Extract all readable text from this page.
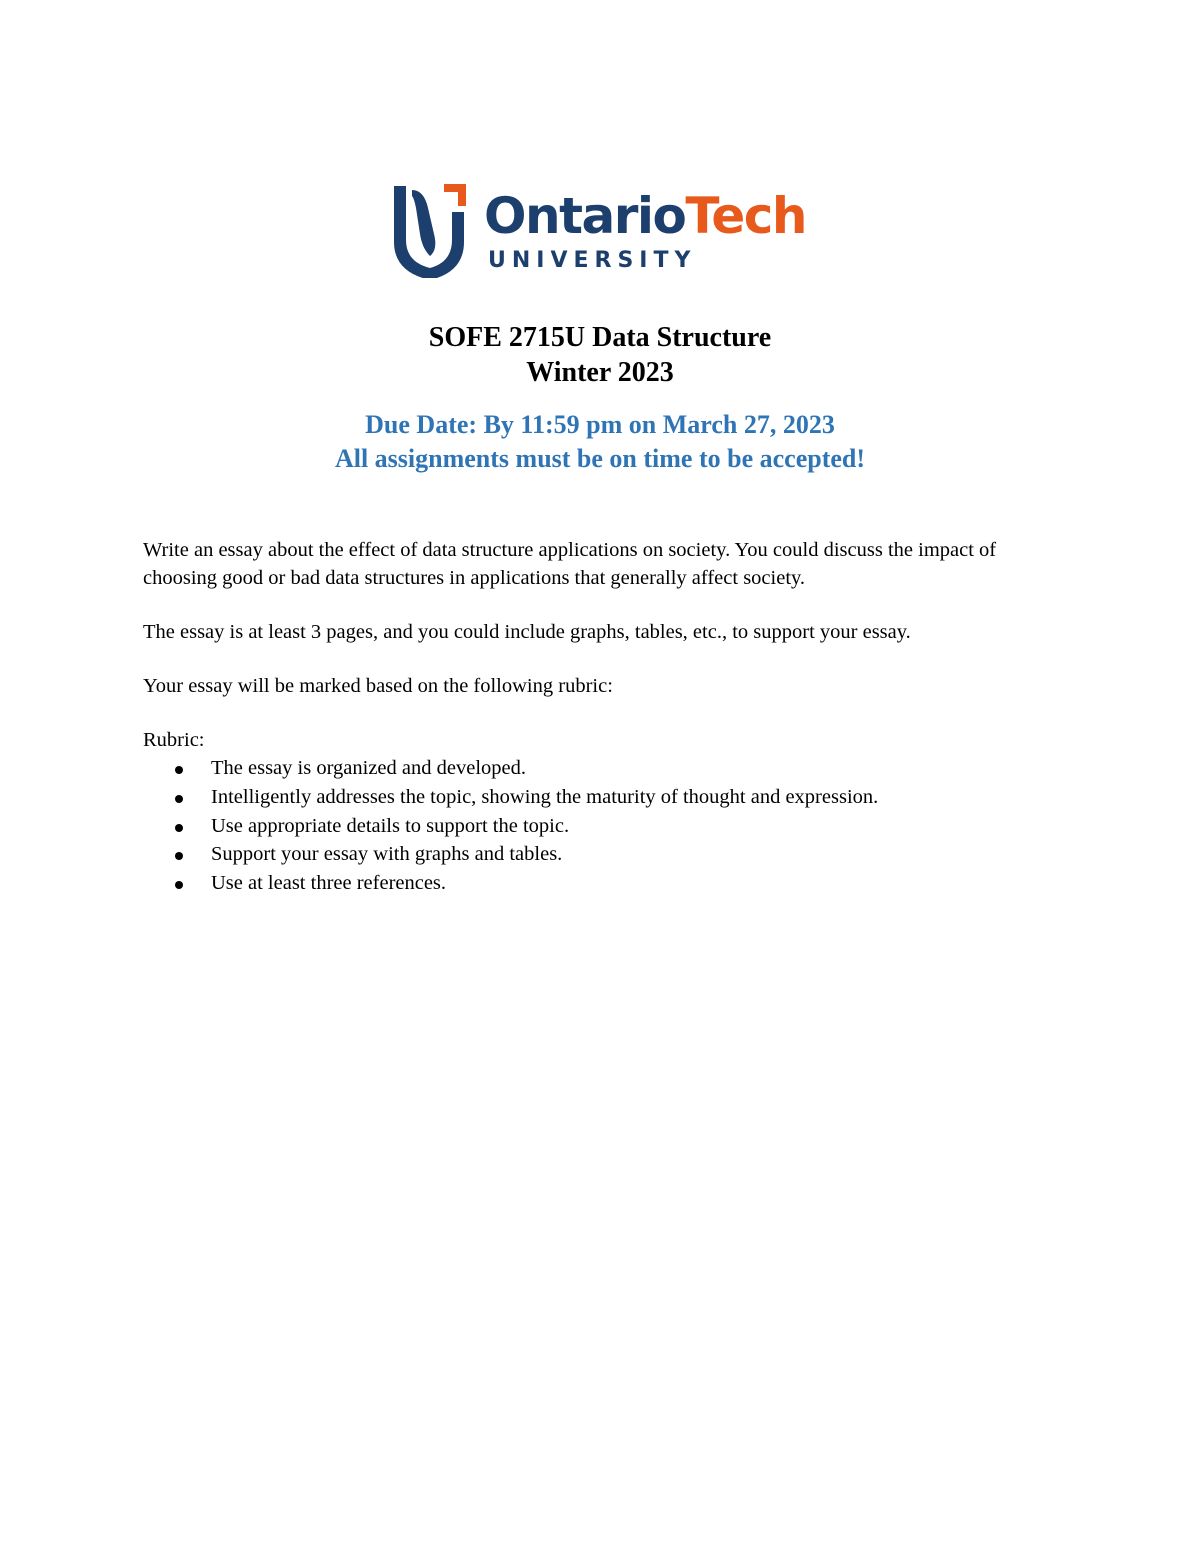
OntarioTech
UNIVERSITY
SOFE 2715U Data Structure
Winter 2023
Due Date: By 11:59 pm on March 27, 2023
All assignments must be on time to be accepted!
Write an essay about the effect of data structure applications on society. You could discuss the impact of choosing good or bad data structures in applications that generally affect society.
The essay is at least 3 pages, and you could include graphs, tables, etc., to support your essay.
Your essay will be marked based on the following rubric:
Rubric:
The essay is organized and developed.
Intelligently addresses the topic, showing the maturity of thought and expression.
Use appropriate details to support the topic.
Support your essay with graphs and tables.
Use at least three references.
